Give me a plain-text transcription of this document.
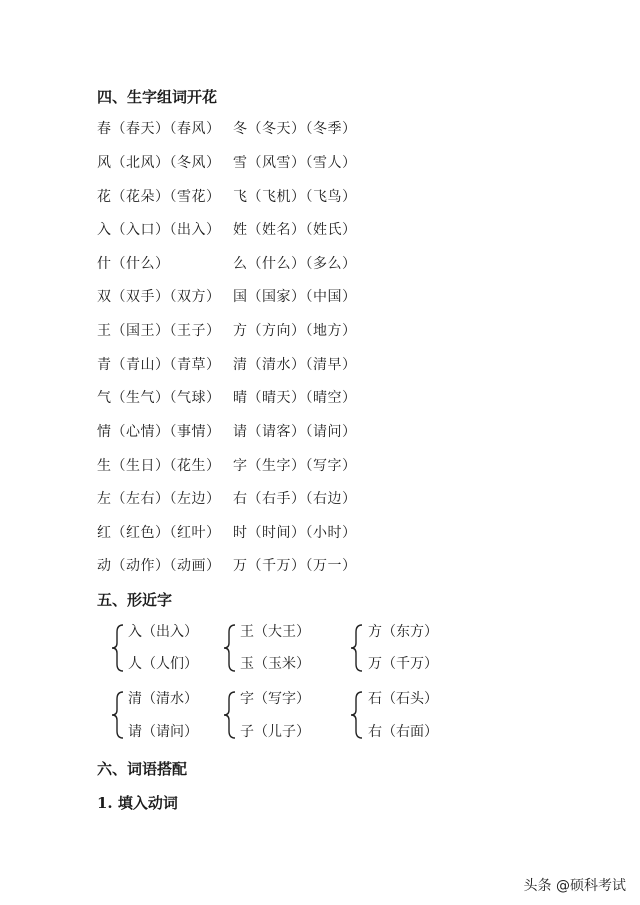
四、生字组词开花
春（春天）（春风） 冬（冬天）（冬季）
风（北风）（冬风） 雪（风雪）（雪人）
花（花朵）（雪花） 飞（飞机）（飞鸟）
入（入口）（出入） 姓（姓名）（姓氏）
什（什么）	么（什么）（多么）
双（双手）（双方） 国（国家）（中国）
王（国王）（王子） 方（方向）（地方）
青（青山）（青草） 清（清水）（清早）
气（生气）（气球） 晴（晴天）（晴空）
情（心情）（事情） 请（请客）（请问）
生（生日）（花生） 字（生字）（写字）
左（左右）（左边） 右（右手）（右边）
红（红色）（红叶） 时（时间）（小时）
动（动作）（动画） 万（千万）（万一）
五、形近字
入（出入）
人（人们）
王（大王）
玉（玉米）
方（东方）
万（千万）
清（清水）
请（请问）
字（写字）
子（儿子）
石（石头）
右（右面）
六、词语搭配
1. 填入动词
头条 @硕科考试
